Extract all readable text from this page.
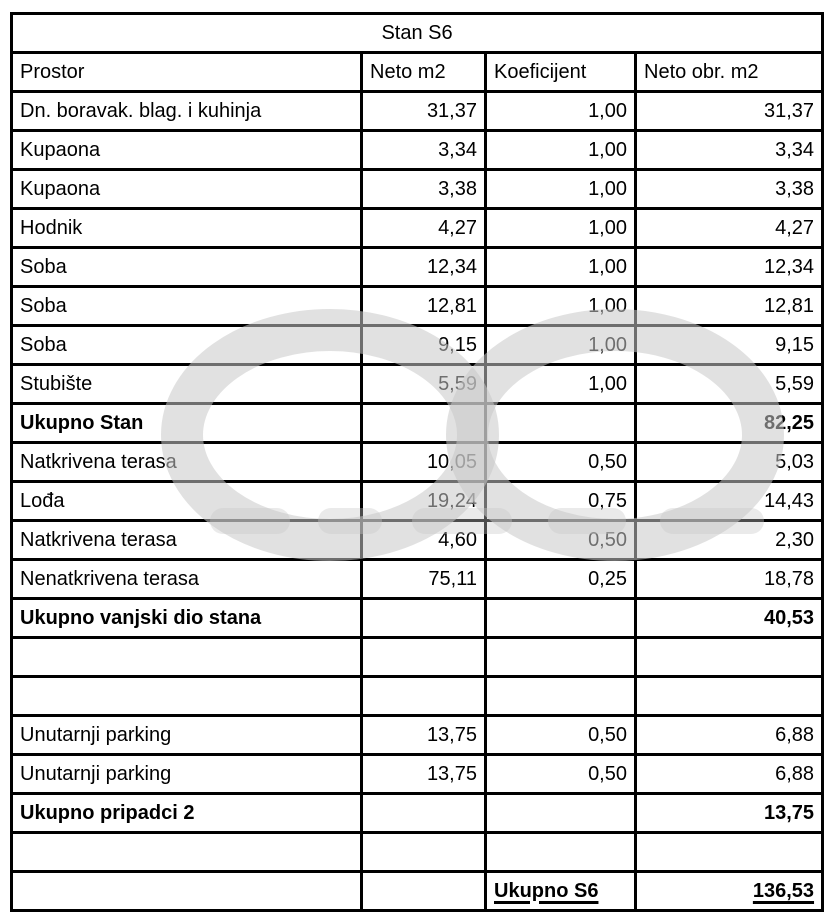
Stan S6			
Prostor	Neto m2	Koeficijent	Neto obr. m2
Dn. boravak. blag. i kuhinja	31,37	1,00	31,37
Kupaona	3,34	1,00	3,34
Kupaona	3,38	1,00	3,38
Hodnik	4,27	1,00	4,27
Soba	12,34	1,00	12,34
Soba	12,81	1,00	12,81
Soba	9,15	1,00	9,15
Stubište	5,59	1,00	5,59
Ukupno Stan			82,25
Natkrivena terasa	10,05	0,50	5,03
Lođa	19,24	0,75	14,43
Natkrivena terasa	4,60	0,50	2,30
Nenatkrivena terasa	75,11	0,25	18,78
Ukupno vanjski dio stana			40,53

Unutarnji parking	13,75	0,50	6,88
Unutarnji parking	13,75	0,50	6,88
Ukupno pripadci 2			13,75

		Ukupno S6	136,53
